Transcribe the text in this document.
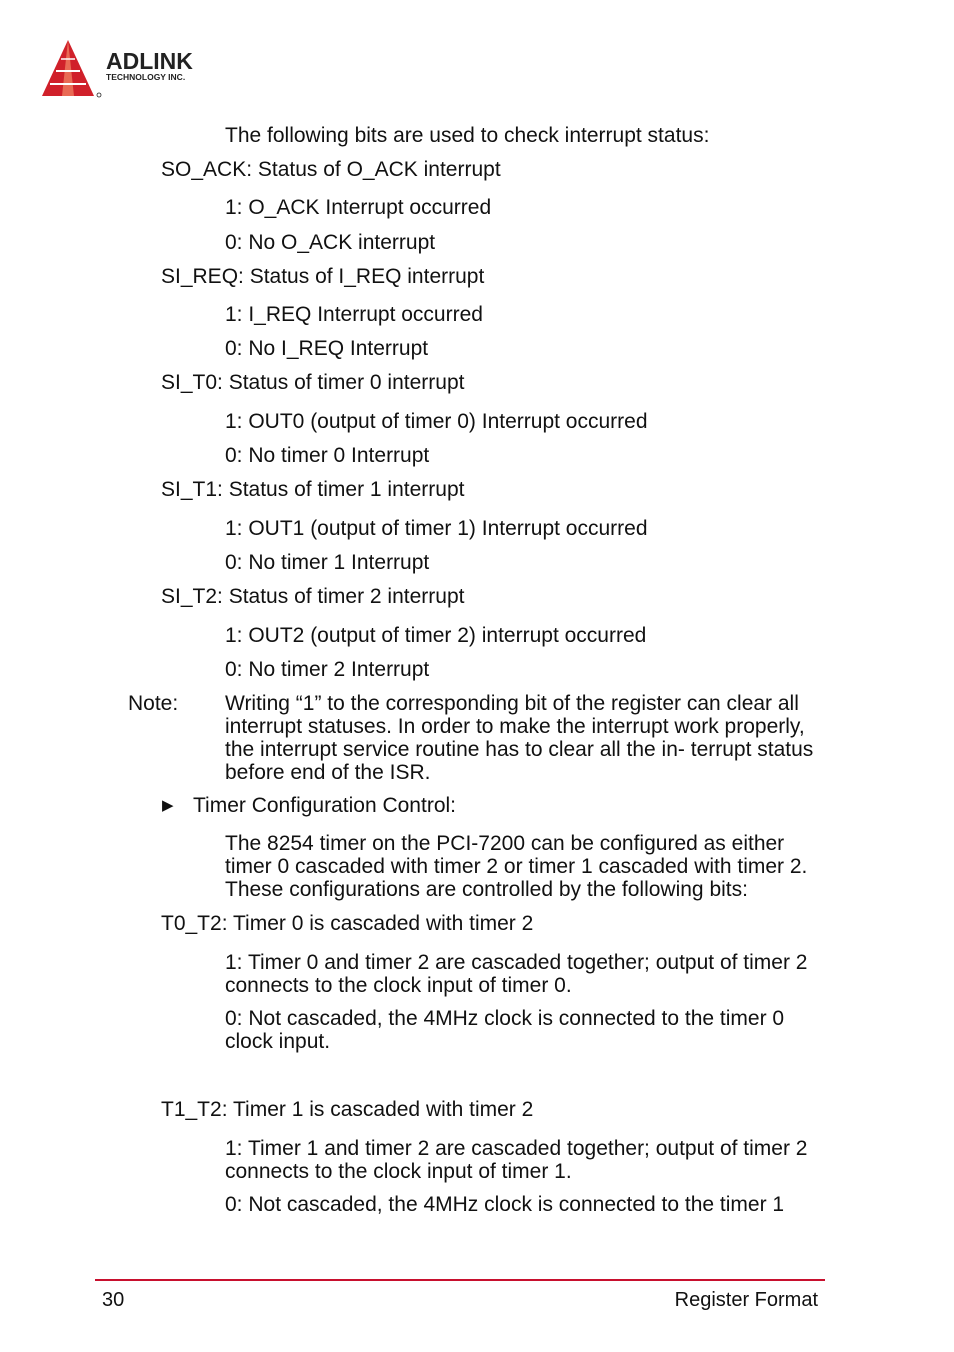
ADLINK
TECHNOLOGY INC.
The following bits are used to check interrupt status:
SO_ACK: Status of O_ACK interrupt
1: O_ACK Interrupt occurred
0: No O_ACK interrupt
SI_REQ: Status of I_REQ interrupt
1: I_REQ Interrupt occurred
0: No I_REQ Interrupt
SI_T0: Status of timer 0 interrupt
1: OUT0 (output of timer 0) Interrupt occurred
0: No timer 0 Interrupt
SI_T1: Status of timer 1 interrupt
1: OUT1 (output of timer 1) Interrupt occurred
0: No timer 1 Interrupt
SI_T2: Status of timer 2 interrupt
1: OUT2 (output of timer 2) interrupt occurred
0: No timer 2 Interrupt
Note: Writing “1” to the corresponding bit of the register can clear all interrupt statuses. In order to make the interrupt work properly, the interrupt service routine has to clear all the in- terrupt status before end of the ISR.
▶ Timer Configuration Control:
The 8254 timer on the PCI-7200 can be configured as either timer 0 cascaded with timer 2 or timer 1 cascaded with timer 2. These configurations are controlled by the following bits:
T0_T2: Timer 0 is cascaded with timer 2
1: Timer 0 and timer 2 are cascaded together; output of timer 2 connects to the clock input of timer 0.
0: Not cascaded, the 4MHz clock is connected to the timer 0 clock input.
T1_T2: Timer 1 is cascaded with timer 2
1: Timer 1 and timer 2 are cascaded together; output of timer 2 connects to the clock input of timer 1.
0: Not cascaded, the 4MHz clock is connected to the timer 1
30	Register Format
